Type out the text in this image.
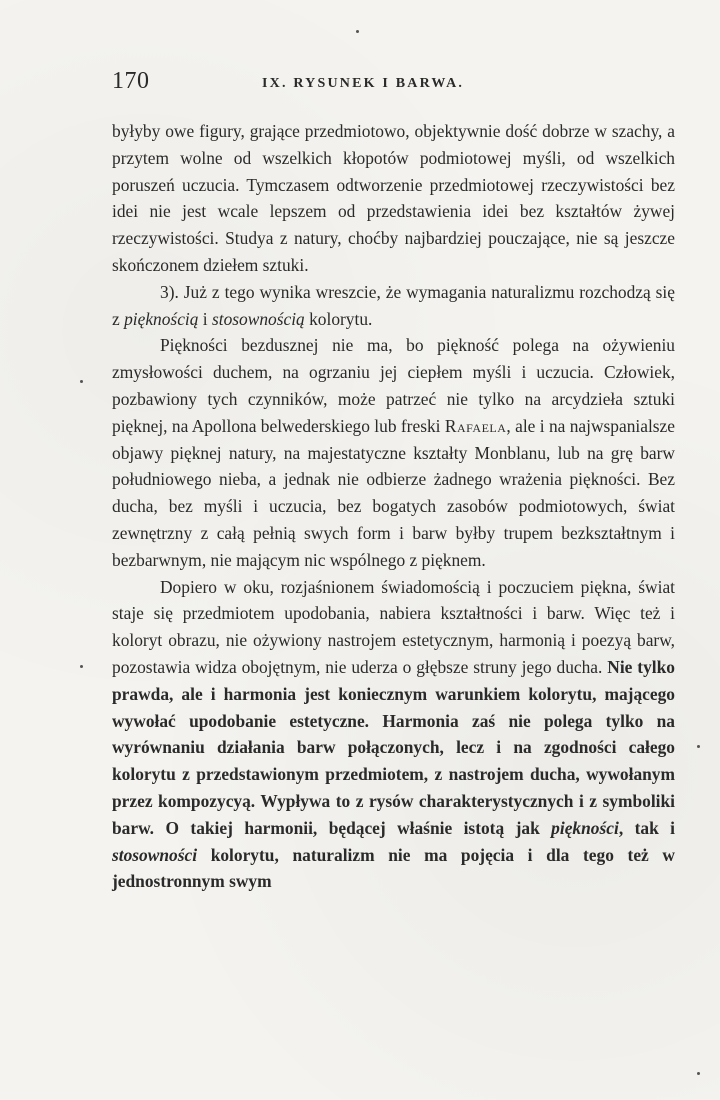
170	IX. RYSUNEK I BARWA.

byłyby owe figury, grające przedmiotowo, objektywnie dość dobrze w szachy, a przytem wolne od wszelkich kłopotów podmiotowej myśli, od wszelkich poruszeń uczucia. Tymczasem odtworzenie przedmiotowej rzeczywistości bez idei nie jest wcale lepszem od przedstawienia idei bez kształtów żywej rzeczywistości. Studya z natury, choćby najbardziej pouczające, nie są jeszcze skończonem dziełem sztuki.

3). Już z tego wynika wreszcie, że wymagania naturalizmu rozchodzą się z pięknością i stosownością kolorytu.

Piękności bezdusznej nie ma, bo piękność polega na ożywieniu zmysłowości duchem, na ogrzaniu jej ciepłem myśli i uczucia. Człowiek, pozbawiony tych czynników, może patrzeć nie tylko na arcydzieła sztuki pięknej, na Apollona belwederskiego lub freski Rafaela, ale i na najwspanialsze objawy pięknej natury, na majestatyczne kształty Monblanu, lub na grę barw południowego nieba, a jednak nie odbierze żadnego wrażenia piękności. Bez ducha, bez myśli i uczucia, bez bogatych zasobów podmiotowych, świat zewnętrzny z całą pełnią swych form i barw byłby trupem bezkształtnym i bezbarwnym, nie mającym nic wspólnego z pięknem.

Dopiero w oku, rozjaśnionem świadomością i poczuciem piękna, świat staje się przedmiotem upodobania, nabiera kształtności i barw. Więc też i koloryt obrazu, nie ożywiony nastrojem estetycznym, harmonią i poezyą barw, pozostawia widza obojętnym, nie uderza o głębsze struny jego ducha. Nie tylko prawda, ale i harmonia jest koniecznym warunkiem kolorytu, mającego wywołać upodobanie estetyczne. Harmonia zaś nie polega tylko na wyrównaniu działania barw połączonych, lecz i na zgodności całego kolorytu z przedstawionym przedmiotem, z nastrojem ducha, wywołanym przez kompozycyą. Wypływa to z rysów charakterystycznych i z symboliki barw. O takiej harmonii, będącej właśnie istotą jak piękności, tak i stosowności kolorytu, naturalizm nie ma pojęcia i dla tego też w jednostronnym swym
